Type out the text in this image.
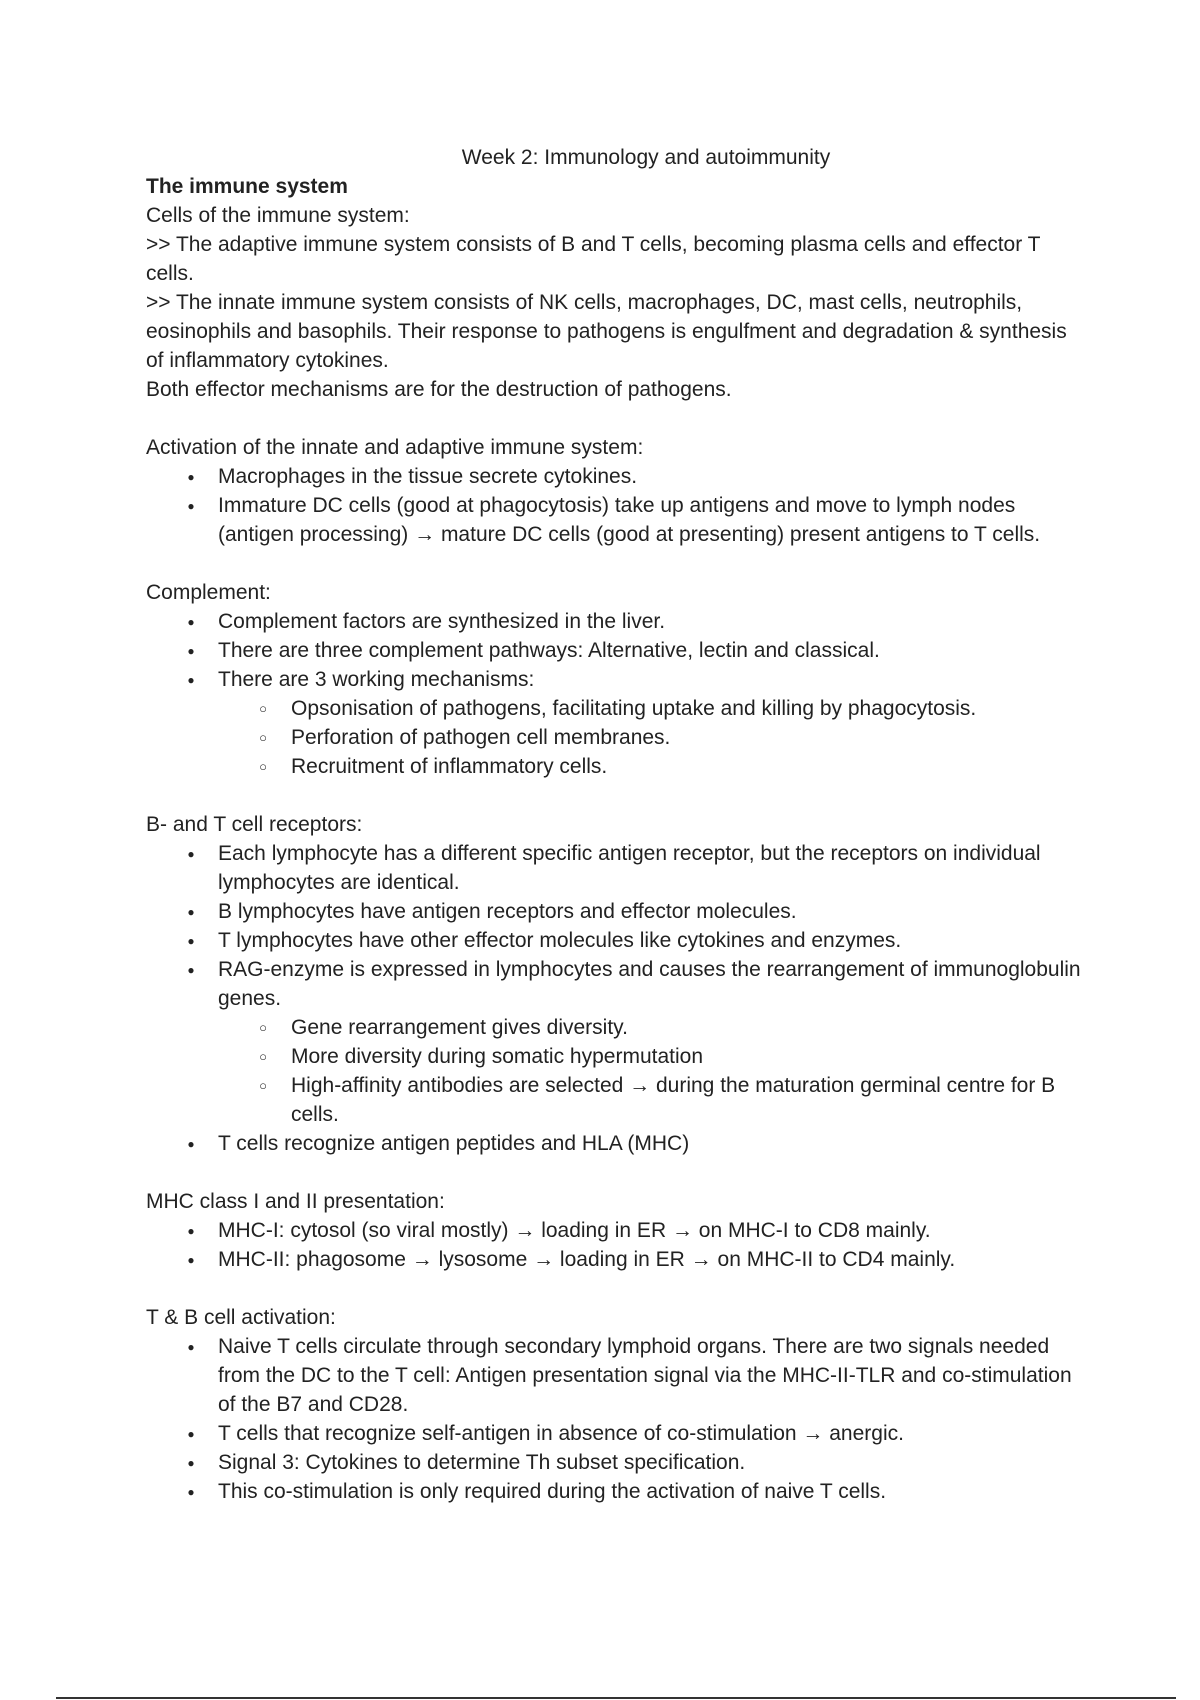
Week 2: Immunology and autoimmunity

The immune system

Cells of the immune system:

>> The adaptive immune system consists of B and T cells, becoming plasma cells and effector T cells.

>> The innate immune system consists of NK cells, macrophages, DC, mast cells, neutrophils, eosinophils and basophils. Their response to pathogens is engulfment and degradation & synthesis of inflammatory cytokines.

Both effector mechanisms are for the destruction of pathogens.

Activation of the innate and adaptive immune system:

●
Macrophages in the tissue secrete cytokines.
●
Immature DC cells (good at phagocytosis) take up antigens and move to lymph nodes (antigen processing) → mature DC cells (good at presenting) present antigens to T cells.

Complement:

●
Complement factors are synthesized in the liver.
●
There are three complement pathways: Alternative, lectin and classical.
●
There are 3 working mechanisms:
○
Opsonisation of pathogens, facilitating uptake and killing by phagocytosis.
○
Perforation of pathogen cell membranes.
○
Recruitment of inflammatory cells.

B- and T cell receptors:

●
Each lymphocyte has a different specific antigen receptor, but the receptors on individual lymphocytes are identical.
●
B lymphocytes have antigen receptors and effector molecules.
●
T lymphocytes have other effector molecules like cytokines and enzymes.
●
RAG-enzyme is expressed in lymphocytes and causes the rearrangement of immunoglobulin genes.
○
Gene rearrangement gives diversity.
○
More diversity during somatic hypermutation
○
High-affinity antibodies are selected → during the maturation germinal centre for B cells.
●
T cells recognize antigen peptides and HLA (MHC)

MHC class I and II presentation:

●
MHC-I: cytosol (so viral mostly) → loading in ER → on MHC-I to CD8 mainly.
●
MHC-II: phagosome → lysosome → loading in ER → on MHC-II to CD4 mainly.

T & B cell activation:

●
Naive T cells circulate through secondary lymphoid organs. There are two signals needed from the DC to the T cell: Antigen presentation signal via the MHC-II-TLR and co-stimulation of the B7 and CD28.
●
T cells that recognize self-antigen in absence of co-stimulation → anergic.
●
Signal 3: Cytokines to determine Th subset specification.
●
This co-stimulation is only required during the activation of naive T cells.
